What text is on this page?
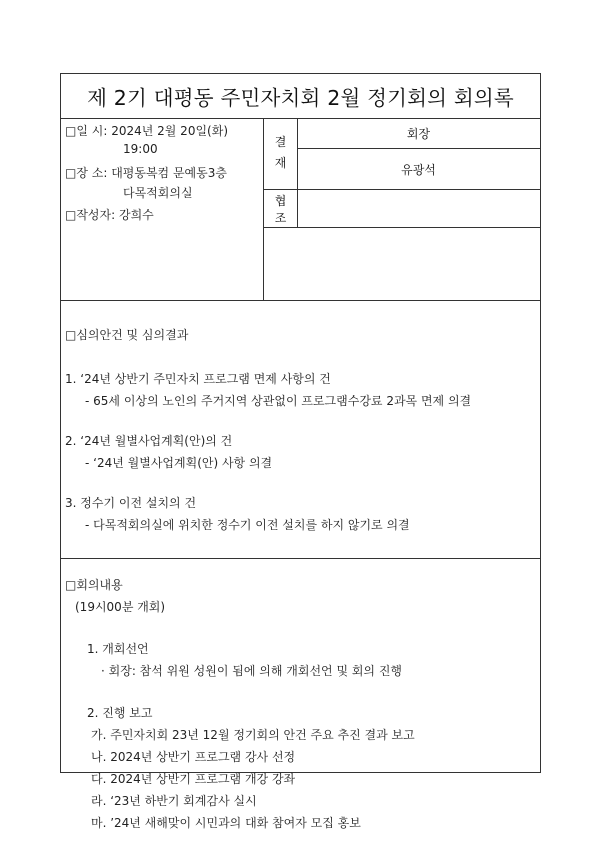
제 2기 대평동 주민자치회 2월 정기회의 회의록
□일 시: 2024년 2월 20일(화)
19:00
□장 소: 대평동복컴 문예동3층
다목적회의실
□작성자: 강희수
결
재
협
조
회장
유광석
□심의안건 및 심의결과
1. ‘24년 상반기 주민자치 프로그램 면제 사항의 건
- 65세 이상의 노인의 주거지역 상관없이 프로그램수강료 2과목 면제 의결
2. ‘24년 월별사업계획(안)의 건
- ‘24년 월별사업계획(안) 사항 의결
3. 정수기 이전 설치의 건
- 다목적회의실에 위치한 정수기 이전 설치를 하지 않기로 의결
□회의내용
(19시00분 개회)
1. 개회선언
· 회장: 참석 위원 성원이 됨에 의해 개회선언 및 회의 진행
2. 진행 보고
가. 주민자치회 23년 12월 정기회의 안건 주요 추진 결과 보고
나. 2024년 상반기 프로그램 강사 선정
다. 2024년 상반기 프로그램 개강 강좌
라. ‘23년 하반기 회계감사 실시
마. ’24년 새해맞이 시민과의 대화 참여자 모집 홍보
